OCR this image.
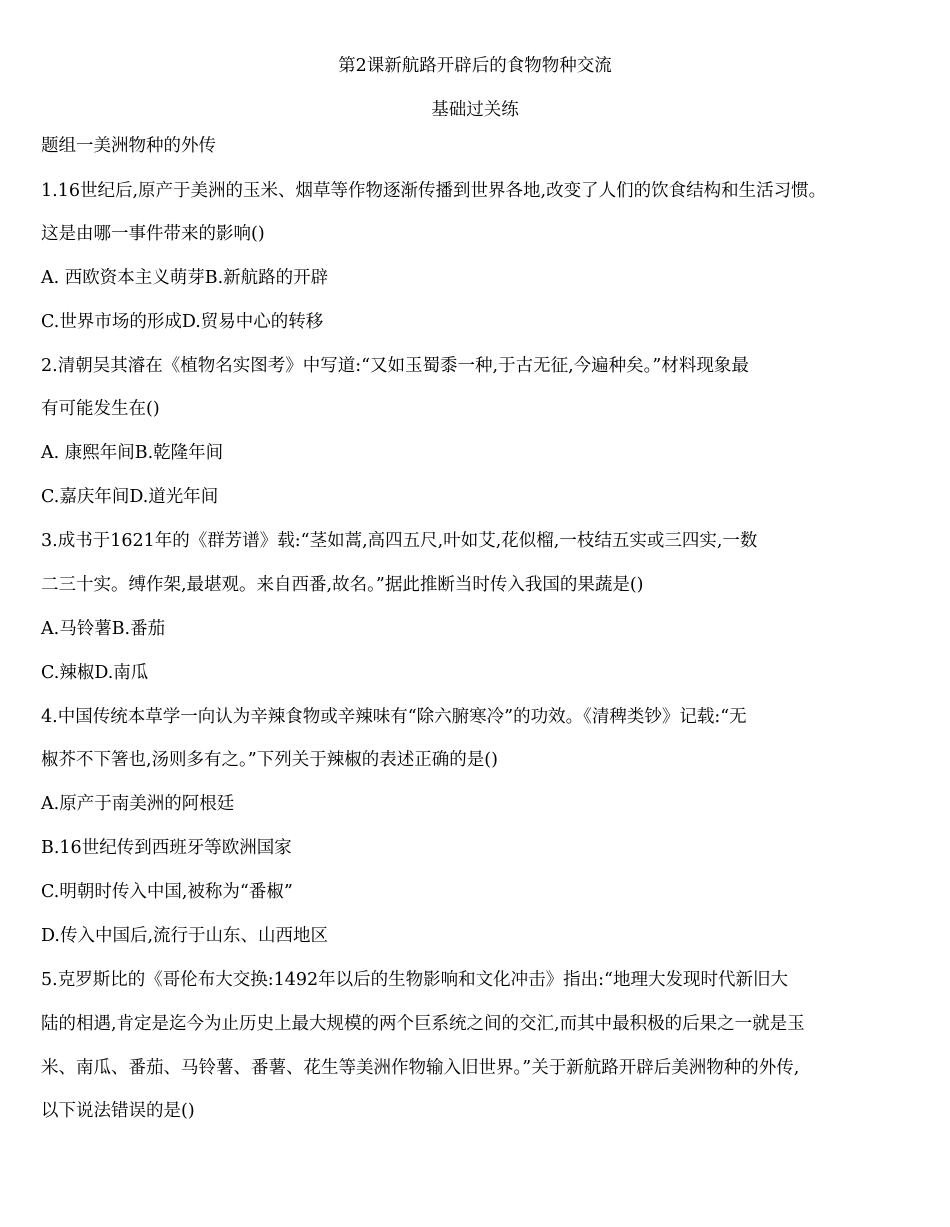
第2课新航路开辟后的食物物种交流
基础过关练
题组一美洲物种的外传
1.16世纪后,原产于美洲的玉米、烟草等作物逐渐传播到世界各地,改变了人们的饮食结构和生活习惯。
这是由哪一事件带来的影响()
A. 西欧资本主义萌芽B.新航路的开辟
C.世界市场的形成D.贸易中心的转移
2.清朝吴其濬在《植物名实图考》中写道:“又如玉蜀黍一种,于古无征,今遍种矣。”材料现象最
有可能发生在()
A. 康熙年间B.乾隆年间
C.嘉庆年间D.道光年间
3.成书于1621年的《群芳谱》载:“茎如蒿,高四五尺,叶如艾,花似榴,一枝结五实或三四实,一数
二三十实。缚作架,最堪观。来自西番,故名。”据此推断当时传入我国的果蔬是()
A.马铃薯B.番茄
C.辣椒D.南瓜
4.中国传统本草学一向认为辛辣食物或辛辣味有“除六腑寒冷”的功效。《清稗类钞》记载:“无
椒芥不下箸也,汤则多有之。”下列关于辣椒的表述正确的是()
A.原产于南美洲的阿根廷
B.16世纪传到西班牙等欧洲国家
C.明朝时传入中国,被称为“番椒”
D.传入中国后,流行于山东、山西地区
5.克罗斯比的《哥伦布大交换:1492年以后的生物影响和文化冲击》指出:“地理大发现时代新旧大
陆的相遇,肯定是迄今为止历史上最大规模的两个巨系统之间的交汇,而其中最积极的后果之一就是玉
米、南瓜、番茄、马铃薯、番薯、花生等美洲作物输入旧世界。”关于新航路开辟后美洲物种的外传,
以下说法错误的是()
